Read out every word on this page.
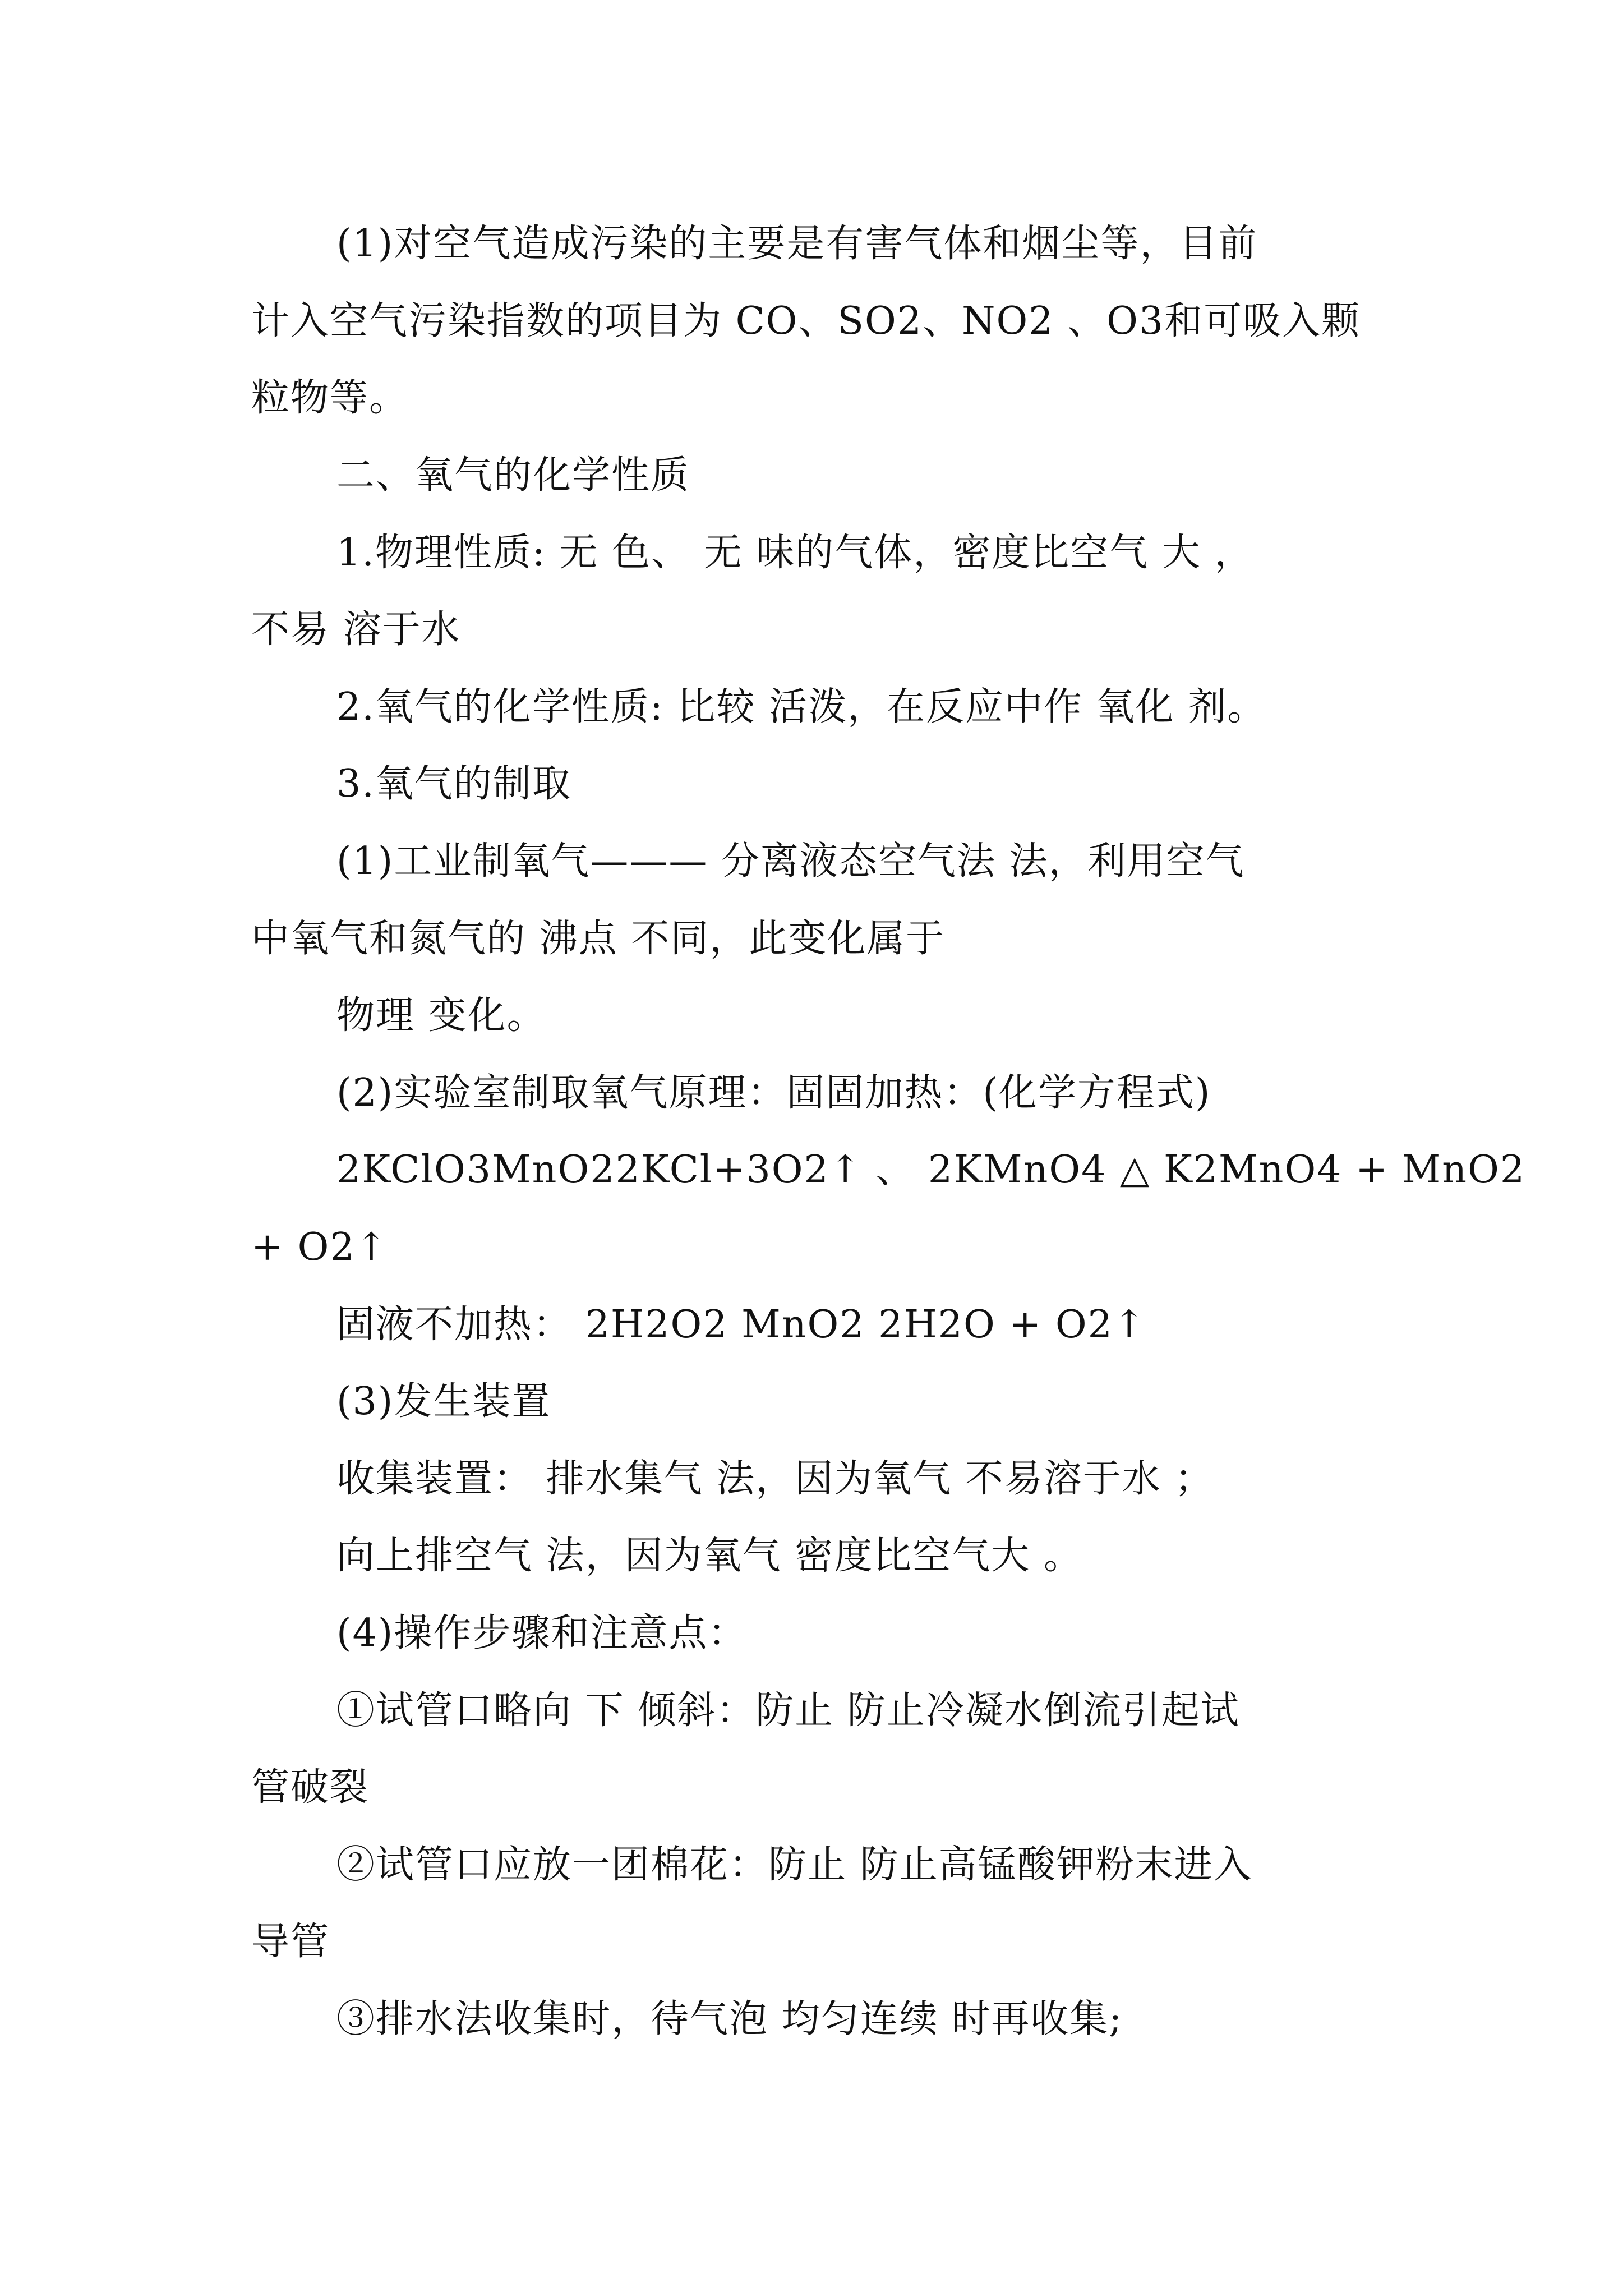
(1)对空气造成污染的主要是有害气体和烟尘等，目前
计入空气污染指数的项目为 CO、SO2、NO2 、O3和可吸入颗
粒物等。
二、氧气的化学性质
1.物理性质: 无 色、 无 味的气体，密度比空气 大 ，
不易 溶于水
2.氧气的化学性质: 比较 活泼，在反应中作 氧化 剂。
3.氧气的制取
(1)工业制氧气——— 分离液态空气法 法，利用空气
中氧气和氮气的 沸点 不同，此变化属于
物理 变化。
(2)实验室制取氧气原理：固固加热：(化学方程式)
2KClO3MnO22KCl+3O2↑ 、 2KMnO4 △ K2MnO4 + MnO2
+ O2↑
固液不加热： 2H2O2 MnO2 2H2O + O2↑
(3)发生装置
收集装置： 排水集气 法，因为氧气 不易溶于水 ；
向上排空气 法，因为氧气 密度比空气大 。
(4)操作步骤和注意点：
①试管口略向 下 倾斜：防止 防止冷凝水倒流引起试
管破裂
②试管口应放一团棉花：防止 防止高锰酸钾粉末进入
导管
③排水法收集时，待气泡 均匀连续 时再收集;
